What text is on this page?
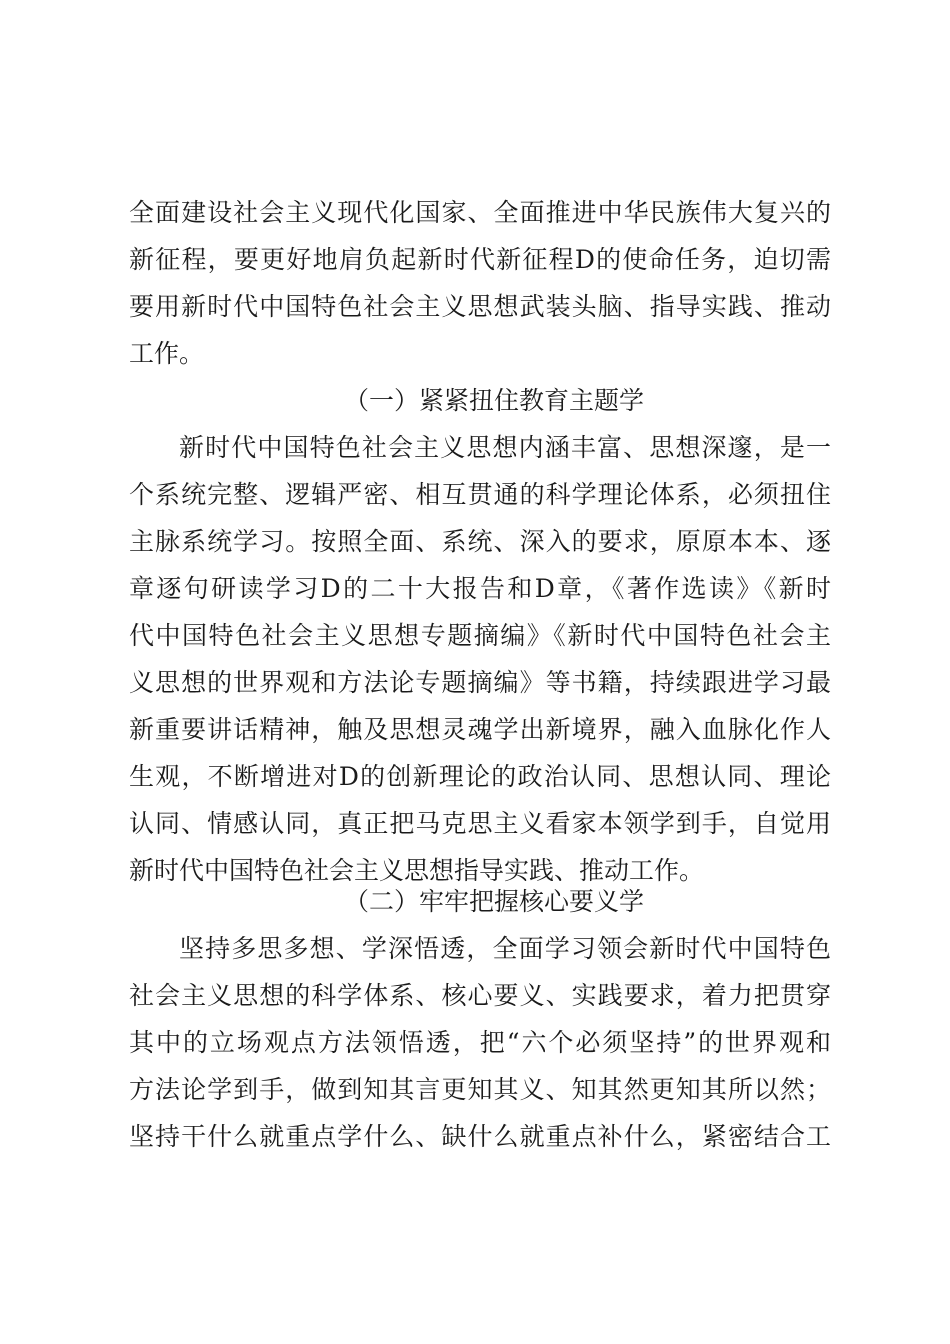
全面建设社会主义现代化国家、全面推进中华民族伟大复兴的
新征程，要更好地肩负起新时代新征程D的使命任务，迫切需
要用新时代中国特色社会主义思想武装头脑、指导实践、推动
工作。
（一）紧紧扭住教育主题学
新时代中国特色社会主义思想内涵丰富、思想深邃，是一
个系统完整、逻辑严密、相互贯通的科学理论体系，必须扭住
主脉系统学习。按照全面、系统、深入的要求，原原本本、逐
章逐句研读学习D的二十大报告和D章，《著作选读》《新时
代中国特色社会主义思想专题摘编》《新时代中国特色社会主
义思想的世界观和方法论专题摘编》等书籍，持续跟进学习最
新重要讲话精神，触及思想灵魂学出新境界，融入血脉化作人
生观，不断增进对D的创新理论的政治认同、思想认同、理论
认同、情感认同，真正把马克思主义看家本领学到手，自觉用
新时代中国特色社会主义思想指导实践、推动工作。
（二）牢牢把握核心要义学
坚持多思多想、学深悟透，全面学习领会新时代中国特色
社会主义思想的科学体系、核心要义、实践要求，着力把贯穿
其中的立场观点方法领悟透，把“六个必须坚持”的世界观和
方法论学到手，做到知其言更知其义、知其然更知其所以然；
坚持干什么就重点学什么、缺什么就重点补什么，紧密结合工
